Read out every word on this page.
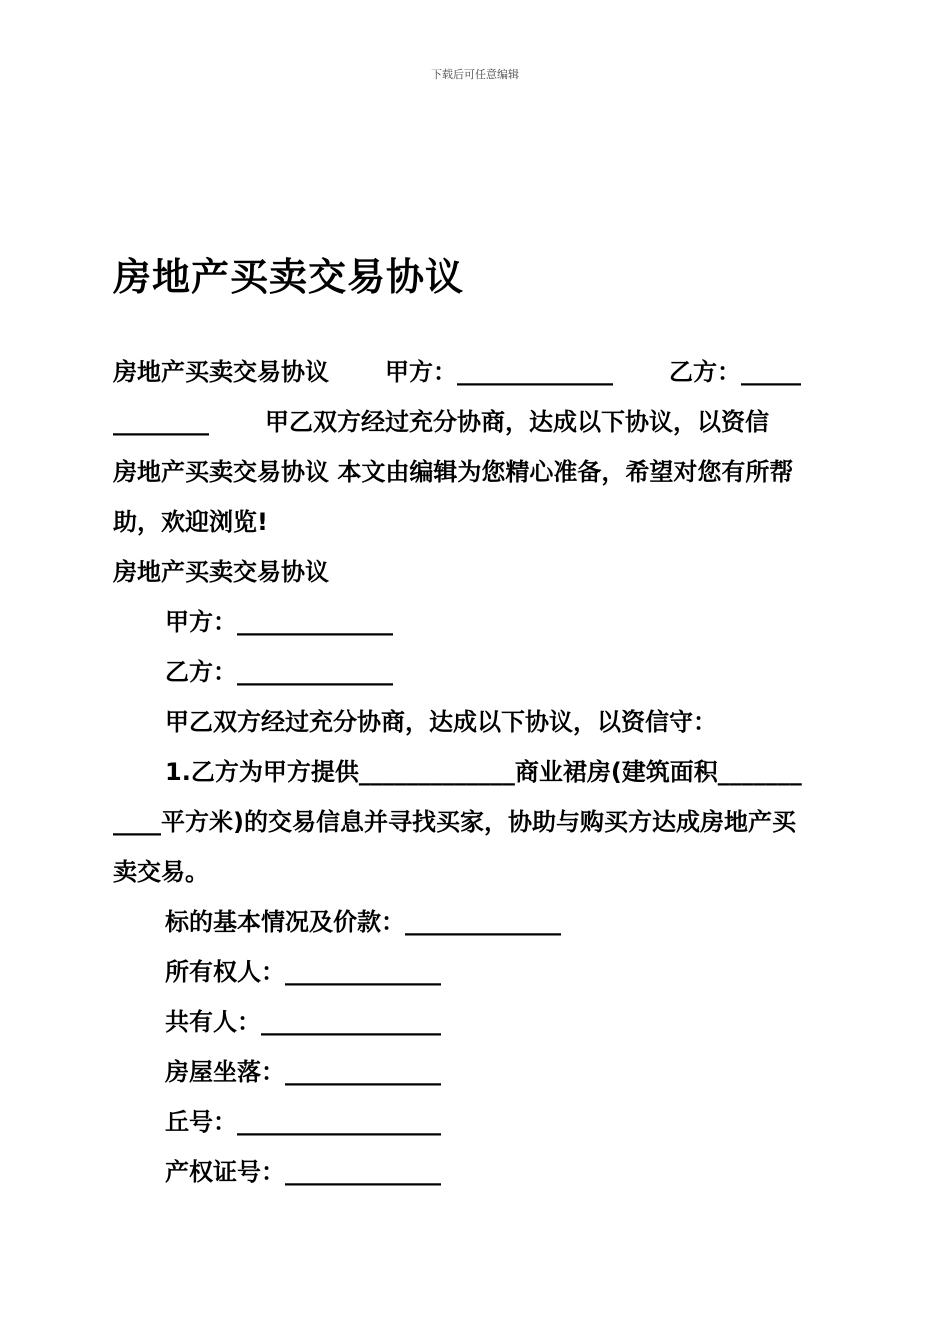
下载后可任意编辑
房地产买卖交易协议
房地产买卖交易协议 甲方：_____________ 乙方：_____
________ 甲乙双方经过充分协商，达成以下协议，以资信
房地产买卖交易协议 本文由编辑为您精心准备，希望对您有所帮
助，欢迎浏览!
房地产买卖交易协议
甲方：_____________
乙方：_____________
甲乙双方经过充分协商，达成以下协议，以资信守：
1.乙方为甲方提供_____________商业裙房(建筑面积_______
____平方米)的交易信息并寻找买家，协助与购买方达成房地产买
卖交易。
标的基本情况及价款：_____________
所有权人：_____________
共有人：_______________
房屋坐落：_____________
丘号：_________________
产权证号：_____________
